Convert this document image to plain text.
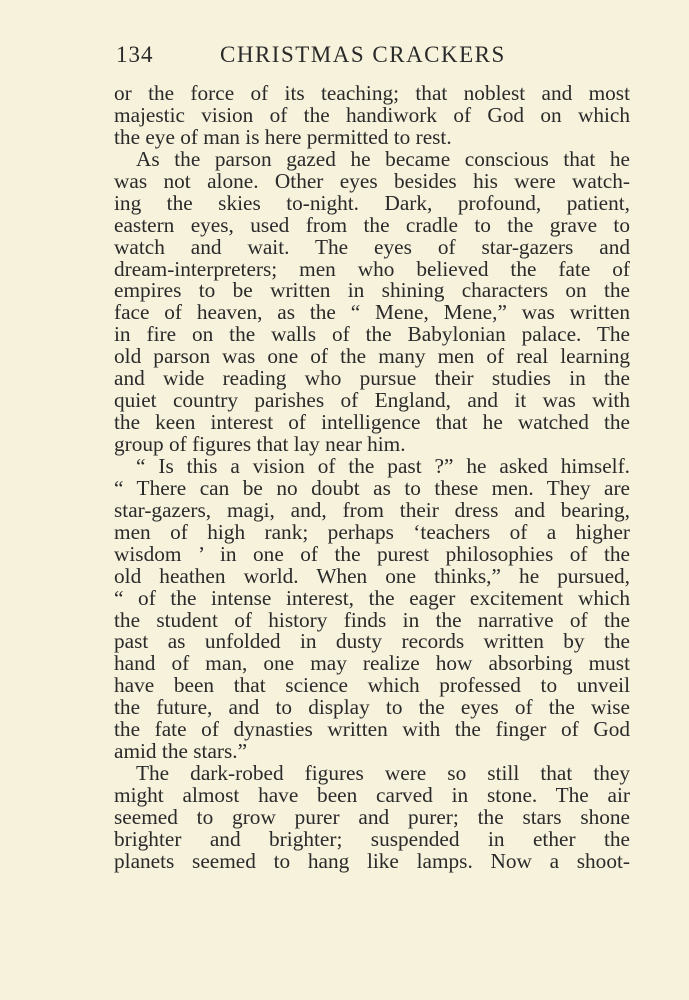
134	CHRISTMAS CRACKERS
or the force of its teaching; that noblest and most
majestic vision of the handiwork of God on which
the eye of man is here permitted to rest.
As the parson gazed he became conscious that he
was not alone. Other eyes besides his were watch-
ing the skies to-night. Dark, profound, patient,
eastern eyes, used from the cradle to the grave to
watch and wait. The eyes of star-gazers and
dream-interpreters; men who believed the fate of
empires to be written in shining characters on the
face of heaven, as the “ Mene, Mene,” was written
in fire on the walls of the Babylonian palace. The
old parson was one of the many men of real learning
and wide reading who pursue their studies in the
quiet country parishes of England, and it was with
the keen interest of intelligence that he watched the
group of figures that lay near him.
“ Is this a vision of the past ?” he asked himself.
“ There can be no doubt as to these men. They are
star-gazers, magi, and, from their dress and bearing,
men of high rank; perhaps ‘teachers of a higher
wisdom ’ in one of the purest philosophies of the
old heathen world. When one thinks,” he pursued,
“ of the intense interest, the eager excitement which
the student of history finds in the narrative of the
past as unfolded in dusty records written by the
hand of man, one may realize how absorbing must
have been that science which professed to unveil
the future, and to display to the eyes of the wise
the fate of dynasties written with the finger of God
amid the stars.”
The dark-robed figures were so still that they
might almost have been carved in stone. The air
seemed to grow purer and purer; the stars shone
brighter and brighter; suspended in ether the
planets seemed to hang like lamps. Now a shoot-
